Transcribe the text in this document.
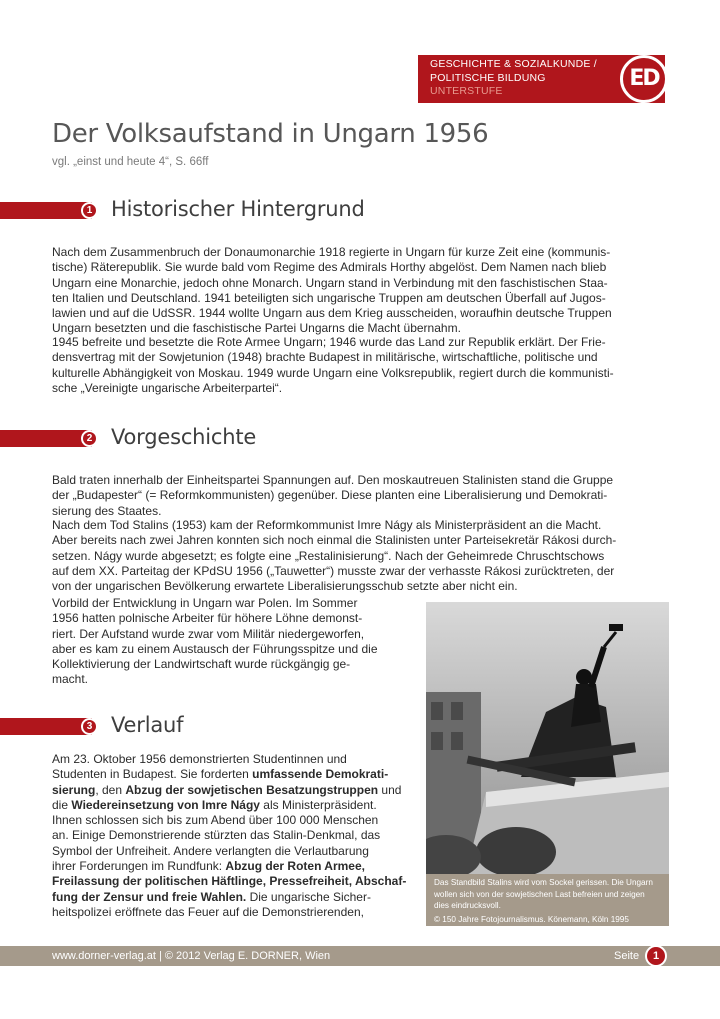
GESCHICHTE & SOZIALKUNDE /
POLITISCHE BILDUNG
UNTERSTUFE	ED
Der Volksaufstand in Ungarn 1956
vgl. „einst und heute 4“, S. 66ff
1 Historischer Hintergrund
Nach dem Zusammenbruch der Donaumonarchie 1918 regierte in Ungarn für kurze Zeit eine (kommunis-
tische) Räterepublik. Sie wurde bald vom Regime des Admirals Horthy abgelöst. Dem Namen nach blieb
Ungarn eine Monarchie, jedoch ohne Monarch. Ungarn stand in Verbindung mit den faschistischen Staa-
ten Italien und Deutschland. 1941 beteiligten sich ungarische Truppen am deutschen Überfall auf Jugos-
lawien und auf die UdSSR. 1944 wollte Ungarn aus dem Krieg ausscheiden, woraufhin deutsche Truppen
Ungarn besetzten und die faschistische Partei Ungarns die Macht übernahm.
1945 befreite und besetzte die Rote Armee Ungarn; 1946 wurde das Land zur Republik erklärt. Der Frie-
densvertrag mit der Sowjetunion (1948) brachte Budapest in militärische, wirtschaftliche, politische und
kulturelle Abhängigkeit von Moskau. 1949 wurde Ungarn eine Volksrepublik, regiert durch die kommunisti-
sche „Vereinigte ungarische Arbeiterpartei“.
2 Vorgeschichte
Bald traten innerhalb der Einheitspartei Spannungen auf. Den moskautreuen Stalinisten stand die Gruppe
der „Budapester“ (= Reformkommunisten) gegenüber. Diese planten eine Liberalisierung und Demokrati-
sierung des Staates.
Nach dem Tod Stalins (1953) kam der Reformkommunist Imre Nágy als Ministerpräsident an die Macht.
Aber bereits nach zwei Jahren konnten sich noch einmal die Stalinisten unter Parteisekretär Rákosi durch-
setzen. Nágy wurde abgesetzt; es folgte eine „Restalinisierung“. Nach der Geheimrede Chruschtschows
auf dem XX. Parteitag der KPdSU 1956 („Tauwetter“) musste zwar der verhasste Rákosi zurücktreten, der
von der ungarischen Bevölkerung erwartete Liberalisierungsschub setzte aber nicht ein.
Vorbild der Entwicklung in Ungarn war Polen. Im Sommer
1956 hatten polnische Arbeiter für höhere Löhne demonst-
riert. Der Aufstand wurde zwar vom Militär niedergeworfen,
aber es kam zu einem Austausch der Führungsspitze und die
Kollektivierung der Landwirtschaft wurde rückgängig ge-
macht.
3 Verlauf
Am 23. Oktober 1956 demonstrierten Studentinnen und
Studenten in Budapest. Sie forderten umfassende Demokrati-
sierung, den Abzug der sowjetischen Besatzungstruppen und
die Wiedereinsetzung von Imre Nágy als Ministerpräsident.
Ihnen schlossen sich bis zum Abend über 100 000 Menschen
an. Einige Demonstrierende stürzten das Stalin-Denkmal, das
Symbol der Unfreiheit. Andere verlangten die Verlautbarung
ihrer Forderungen im Rundfunk: Abzug der Roten Armee,
Freilassung der politischen Häftlinge, Pressefreiheit, Abschaf-
fung der Zensur und freie Wahlen. Die ungarische Sicher-
heitspolizei eröffnete das Feuer auf die Demonstrierenden,
Das Standbild Stalins wird vom Sockel gerissen. Die Ungarn wollen sich von der sowjetischen Last befreien und zeigen dies eindrucksvoll.
© 150 Jahre Fotojournalismus. Könemann, Köln 1995
www.dorner-verlag.at | © 2012 Verlag E. DORNER, Wien	Seite	1
